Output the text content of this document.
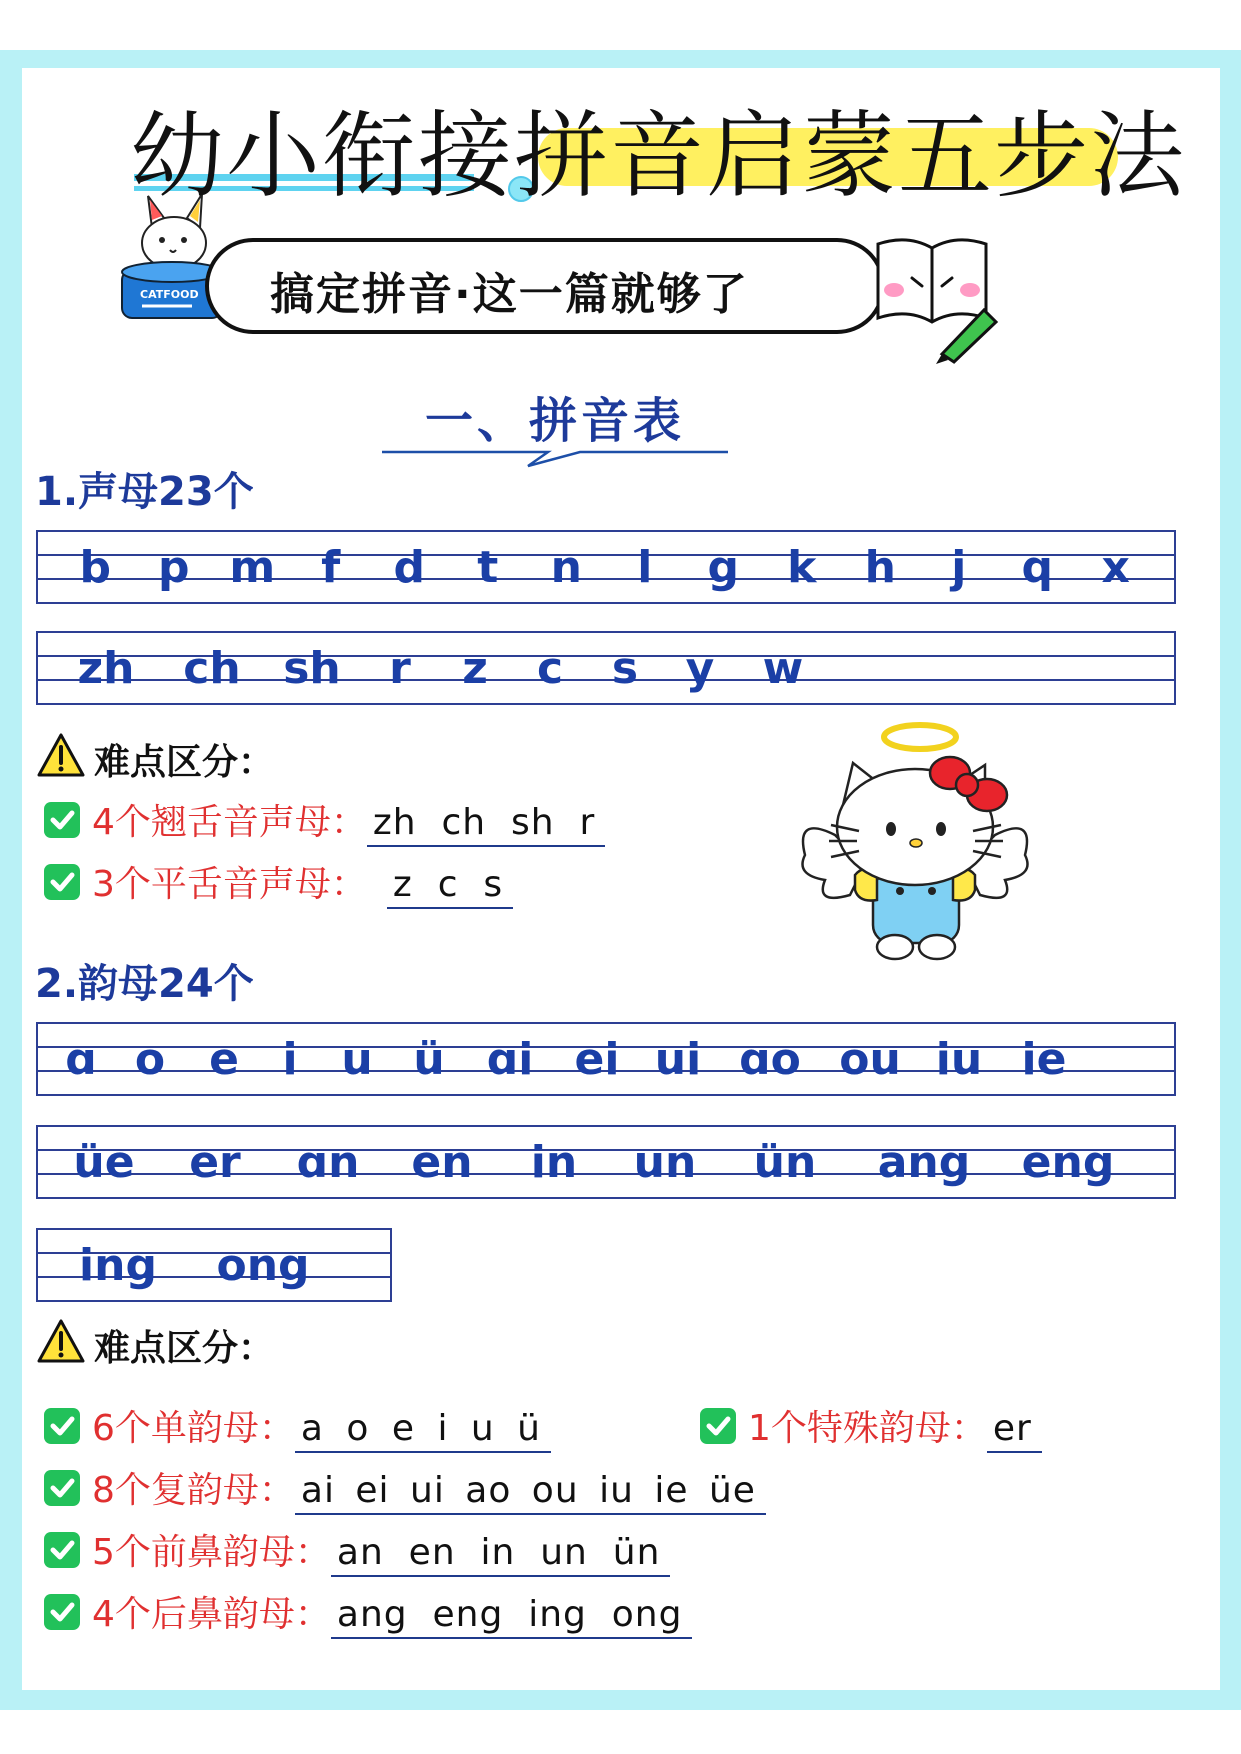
幼小衔接拼音启蒙五步法
CATFOOD 搞定拼音·这一篇就够了
一、拼音表
1.声母23个
b	p m	f	d	t	n	l	g	k	h	j	q	x
zh	ch sh	r	z	c	s	y	w
难点区分：
4个翘舌音声母： zh  ch  sh  r
3个平舌音声母： z  c  s
2.韵母24个
ɑ o e i u ü ɑi ei ui ɑo ou iu ie
üe	er	ɑn	en	in	un	ün	ang	eng
ing	ong
难点区分：
6个单韵母： a o e i u ü	1个特殊韵母： er
8个复韵母： ai ei ui ao ou iu ie üe
5个前鼻韵母： an  en  in  un  ün
4个后鼻韵母： ang  eng  ing  ong
